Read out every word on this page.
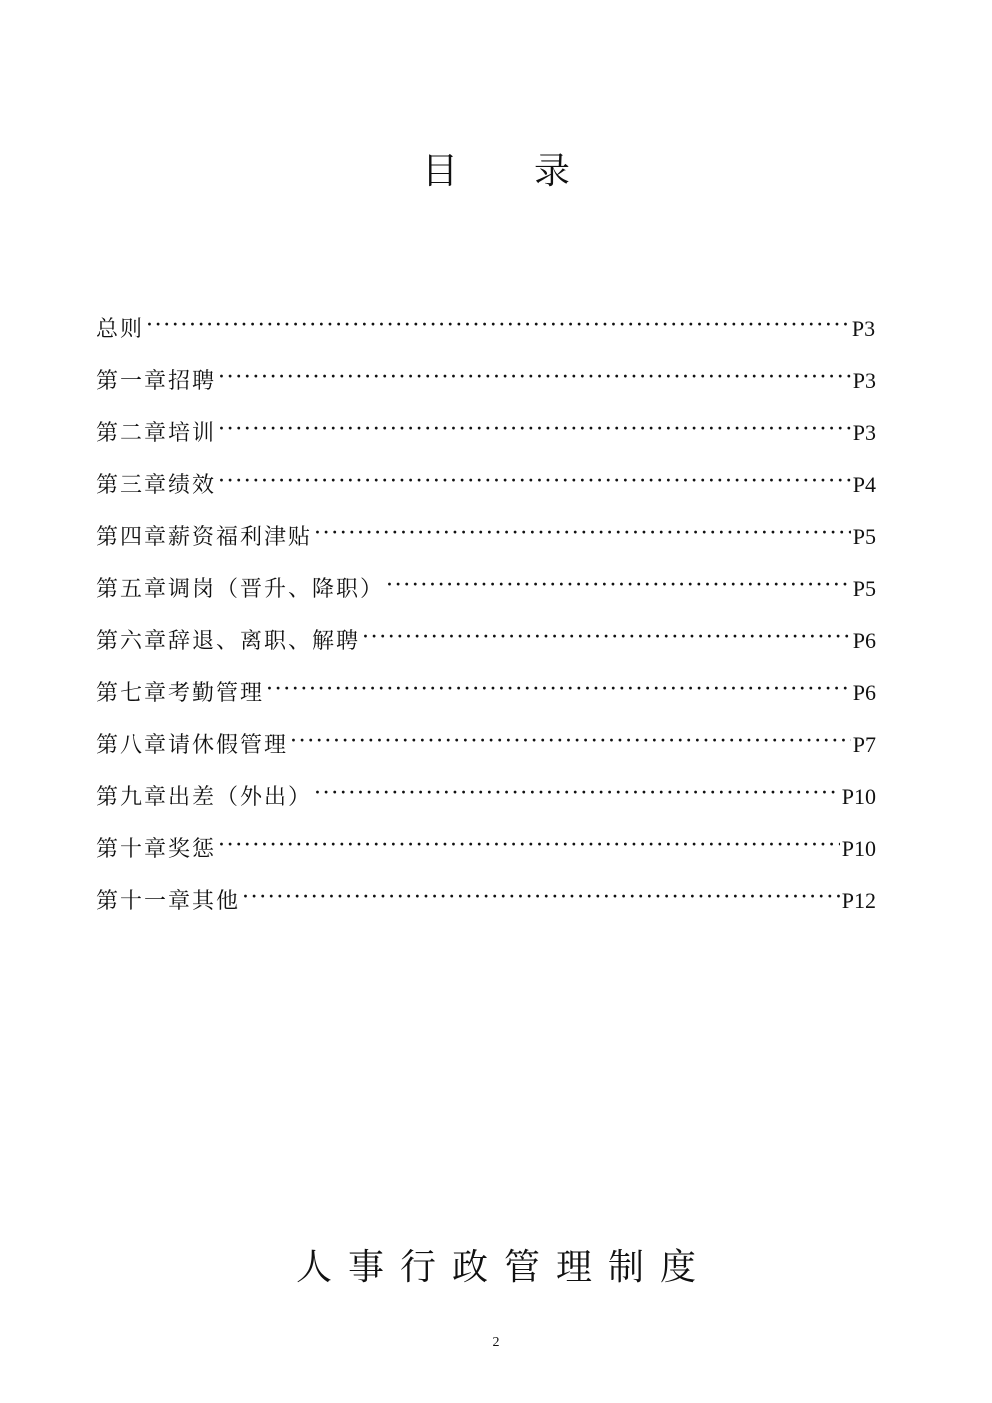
目 录
总则 ·····	P3
第一章招聘 ·····	P3
第二章培训 ·····	P3
第三章绩效 ·····	P4
第四章薪资福利津贴 ·····	P5
第五章调岗（晋升、降职） ·····	P5
第六章辞退、离职、解聘 ·····	P6
第七章考勤管理 ·····	P6
第八章请休假管理 ·····	P7
第九章出差（外出） ·····	P10
第十章奖惩 ·····	P10
第十一章其他 ·····	P12
人 事 行 政 管 理 制 度
2
